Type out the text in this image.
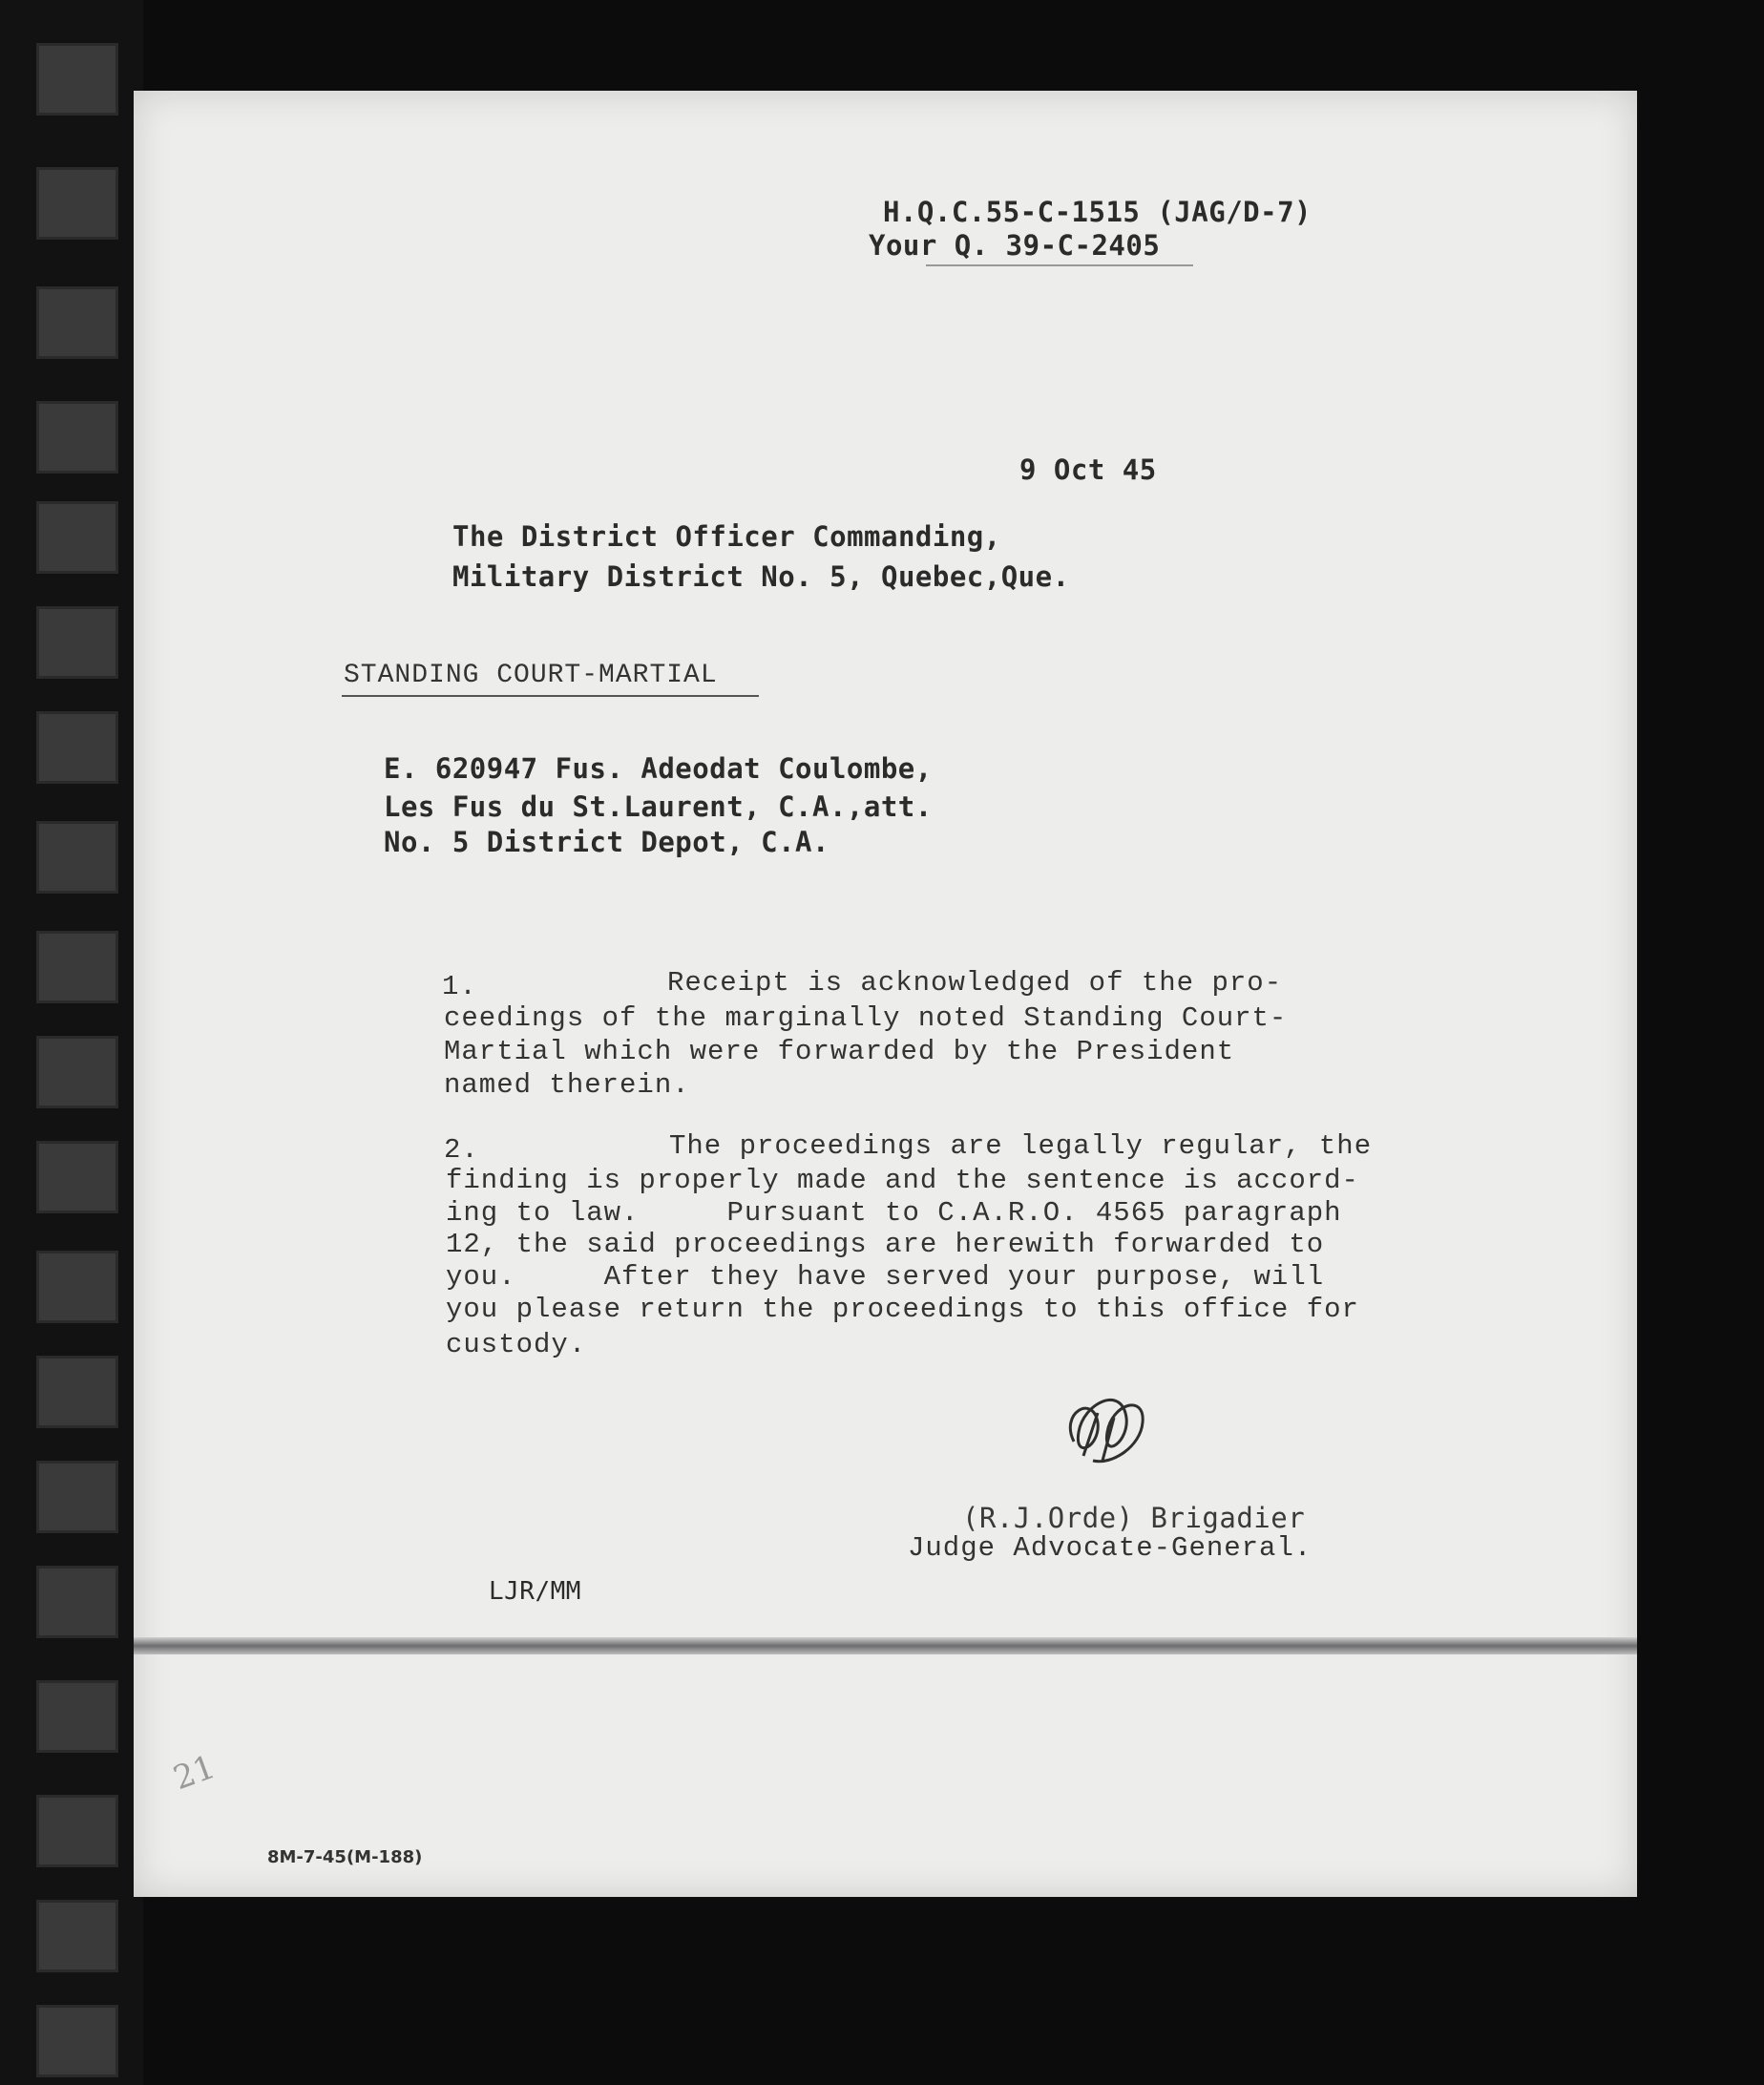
H.Q.C.55-C-1515 (JAG/D-7)
Your Q. 39-C-2405
9 Oct 45
The District Officer Commanding,
Military District No. 5, Quebec,Que.
STANDING COURT-MARTIAL
E. 620947 Fus. Adeodat Coulombe,
Les Fus du St.Laurent, C.A.,att.
No. 5 District Depot, C.A.
1.	Receipt is acknowledged of the pro-
ceedings of the marginally noted Standing Court-
Martial which were forwarded by the President
named therein.
2.	The proceedings are legally regular, the
finding is properly made and the sentence is accord-
ing to law.     Pursuant to C.A.R.O. 4565 paragraph
12, the said proceedings are herewith forwarded to
you.     After they have served your purpose, will
you please return the proceedings to this office for
custody.
(R.J.Orde) Brigadier
Judge Advocate-General.
LJR/MM
21
8M-7-45(M-188)
